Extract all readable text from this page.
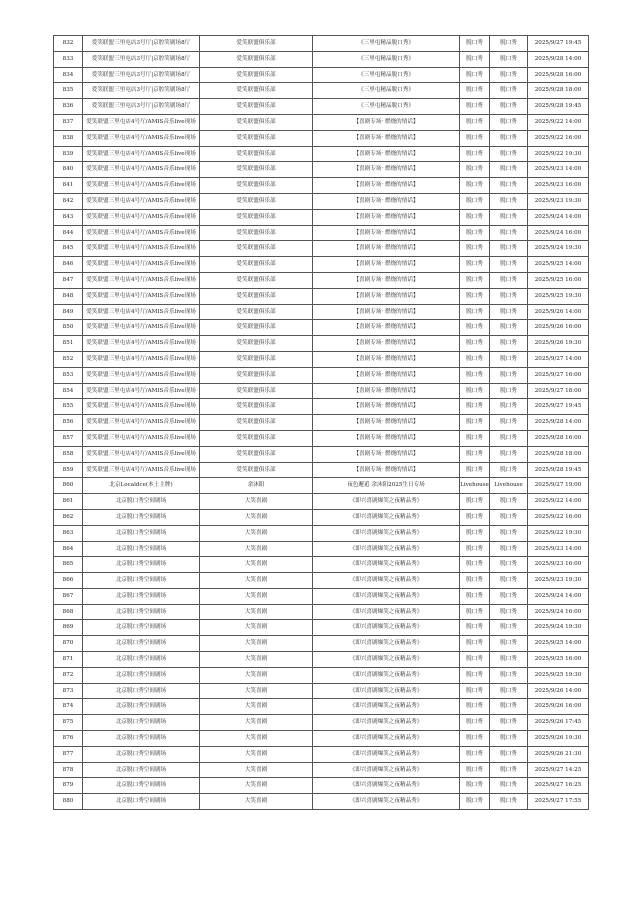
832	爱笑联盟三里屯店3号厅|京腔笑剧场8厅	爱笑联盟俱乐部	《三里屯精品脱口秀》	脱口秀	脱口秀	2025/9/27 19:45
833	爱笑联盟三里屯店3号厅|京腔笑剧场8厅	爱笑联盟俱乐部	《三里屯精品脱口秀》	脱口秀	脱口秀	2025/9/28 14:00
834	爱笑联盟三里屯店3号厅|京腔笑剧场8厅	爱笑联盟俱乐部	《三里屯精品脱口秀》	脱口秀	脱口秀	2025/9/28 16:00
835	爱笑联盟三里屯店3号厅|京腔笑剧场8厅	爱笑联盟俱乐部	《三里屯精品脱口秀》	脱口秀	脱口秀	2025/9/28 18:00
836	爱笑联盟三里屯店3号厅|京腔笑剧场8厅	爱笑联盟俱乐部	《三里屯精品脱口秀》	脱口秀	脱口秀	2025/9/28 19:45
837	爱笑联盟三里屯店4号厅/AMIS音乐live现场	爱笑联盟俱乐部	【喜剧专场· 燃烧的情话】	脱口秀	脱口秀	2025/9/22 14:00
838	爱笑联盟三里屯店4号厅/AMIS音乐live现场	爱笑联盟俱乐部	【喜剧专场· 燃烧的情话】	脱口秀	脱口秀	2025/9/22 16:00
839	爱笑联盟三里屯店4号厅/AMIS音乐live现场	爱笑联盟俱乐部	【喜剧专场· 燃烧的情话】	脱口秀	脱口秀	2025/9/22 19:30
840	爱笑联盟三里屯店4号厅/AMIS音乐live现场	爱笑联盟俱乐部	【喜剧专场· 燃烧的情话】	脱口秀	脱口秀	2025/9/23 14:00
841	爱笑联盟三里屯店4号厅/AMIS音乐live现场	爱笑联盟俱乐部	【喜剧专场· 燃烧的情话】	脱口秀	脱口秀	2025/9/23 16:00
842	爱笑联盟三里屯店4号厅/AMIS音乐live现场	爱笑联盟俱乐部	【喜剧专场· 燃烧的情话】	脱口秀	脱口秀	2025/9/23 19:30
843	爱笑联盟三里屯店4号厅/AMIS音乐live现场	爱笑联盟俱乐部	【喜剧专场· 燃烧的情话】	脱口秀	脱口秀	2025/9/24 14:00
844	爱笑联盟三里屯店4号厅/AMIS音乐live现场	爱笑联盟俱乐部	【喜剧专场· 燃烧的情话】	脱口秀	脱口秀	2025/9/24 16:00
845	爱笑联盟三里屯店4号厅/AMIS音乐live现场	爱笑联盟俱乐部	【喜剧专场· 燃烧的情话】	脱口秀	脱口秀	2025/9/24 19:30
846	爱笑联盟三里屯店4号厅/AMIS音乐live现场	爱笑联盟俱乐部	【喜剧专场· 燃烧的情话】	脱口秀	脱口秀	2025/9/25 14:00
847	爱笑联盟三里屯店4号厅/AMIS音乐live现场	爱笑联盟俱乐部	【喜剧专场· 燃烧的情话】	脱口秀	脱口秀	2025/9/25 16:00
848	爱笑联盟三里屯店4号厅/AMIS音乐live现场	爱笑联盟俱乐部	【喜剧专场· 燃烧的情话】	脱口秀	脱口秀	2025/9/25 19:30
849	爱笑联盟三里屯店4号厅/AMIS音乐live现场	爱笑联盟俱乐部	【喜剧专场· 燃烧的情话】	脱口秀	脱口秀	2025/9/26 14:00
850	爱笑联盟三里屯店4号厅/AMIS音乐live现场	爱笑联盟俱乐部	【喜剧专场· 燃烧的情话】	脱口秀	脱口秀	2025/9/26 16:00
851	爱笑联盟三里屯店4号厅/AMIS音乐live现场	爱笑联盟俱乐部	【喜剧专场· 燃烧的情话】	脱口秀	脱口秀	2025/9/26 19:30
852	爱笑联盟三里屯店4号厅/AMIS音乐live现场	爱笑联盟俱乐部	【喜剧专场· 燃烧的情话】	脱口秀	脱口秀	2025/9/27 14:00
853	爱笑联盟三里屯店4号厅/AMIS音乐live现场	爱笑联盟俱乐部	【喜剧专场· 燃烧的情话】	脱口秀	脱口秀	2025/9/27 16:00
854	爱笑联盟三里屯店4号厅/AMIS音乐live现场	爱笑联盟俱乐部	【喜剧专场· 燃烧的情话】	脱口秀	脱口秀	2025/9/27 18:00
855	爱笑联盟三里屯店4号厅/AMIS音乐live现场	爱笑联盟俱乐部	【喜剧专场· 燃烧的情话】	脱口秀	脱口秀	2025/9/27 19:45
856	爱笑联盟三里屯店4号厅/AMIS音乐live现场	爱笑联盟俱乐部	【喜剧专场· 燃烧的情话】	脱口秀	脱口秀	2025/9/28 14:00
857	爱笑联盟三里屯店4号厅/AMIS音乐live现场	爱笑联盟俱乐部	【喜剧专场· 燃烧的情话】	脱口秀	脱口秀	2025/9/28 16:00
858	爱笑联盟三里屯店4号厅/AMIS音乐live现场	爱笑联盟俱乐部	【喜剧专场· 燃烧的情话】	脱口秀	脱口秀	2025/9/28 18:00
859	爱笑联盟三里屯店4号厅/AMIS音乐live现场	爱笑联盟俱乐部	【喜剧专场· 燃烧的情话】	脱口秀	脱口秀	2025/9/28 19:45
860	北京Localdce(本土主牌)	余沐阳	夜色邂逅 余沐阳2025生日专场	Livehouse	Livehouse	2025/9/27 19:00
861	北京脱口秀空间剧场	大笑喜剧	《即兴喜剧爆笑之夜精品秀》	脱口秀	脱口秀	2025/9/22 14:00
862	北京脱口秀空间剧场	大笑喜剧	《即兴喜剧爆笑之夜精品秀》	脱口秀	脱口秀	2025/9/22 16:00
863	北京脱口秀空间剧场	大笑喜剧	《即兴喜剧爆笑之夜精品秀》	脱口秀	脱口秀	2025/9/22 19:30
864	北京脱口秀空间剧场	大笑喜剧	《即兴喜剧爆笑之夜精品秀》	脱口秀	脱口秀	2025/9/23 14:00
865	北京脱口秀空间剧场	大笑喜剧	《即兴喜剧爆笑之夜精品秀》	脱口秀	脱口秀	2025/9/23 16:00
866	北京脱口秀空间剧场	大笑喜剧	《即兴喜剧爆笑之夜精品秀》	脱口秀	脱口秀	2025/9/23 19:30
867	北京脱口秀空间剧场	大笑喜剧	《即兴喜剧爆笑之夜精品秀》	脱口秀	脱口秀	2025/9/24 14:00
868	北京脱口秀空间剧场	大笑喜剧	《即兴喜剧爆笑之夜精品秀》	脱口秀	脱口秀	2025/9/24 16:00
869	北京脱口秀空间剧场	大笑喜剧	《即兴喜剧爆笑之夜精品秀》	脱口秀	脱口秀	2025/9/24 19:30
870	北京脱口秀空间剧场	大笑喜剧	《即兴喜剧爆笑之夜精品秀》	脱口秀	脱口秀	2025/9/25 14:00
871	北京脱口秀空间剧场	大笑喜剧	《即兴喜剧爆笑之夜精品秀》	脱口秀	脱口秀	2025/9/25 16:00
872	北京脱口秀空间剧场	大笑喜剧	《即兴喜剧爆笑之夜精品秀》	脱口秀	脱口秀	2025/9/25 19:30
873	北京脱口秀空间剧场	大笑喜剧	《即兴喜剧爆笑之夜精品秀》	脱口秀	脱口秀	2025/9/26 14:00
874	北京脱口秀空间剧场	大笑喜剧	《即兴喜剧爆笑之夜精品秀》	脱口秀	脱口秀	2025/9/26 16:00
875	北京脱口秀空间剧场	大笑喜剧	《即兴喜剧爆笑之夜精品秀》	脱口秀	脱口秀	2025/9/26 17:45
876	北京脱口秀空间剧场	大笑喜剧	《即兴喜剧爆笑之夜精品秀》	脱口秀	脱口秀	2025/9/26 19:30
877	北京脱口秀空间剧场	大笑喜剧	《即兴喜剧爆笑之夜精品秀》	脱口秀	脱口秀	2025/9/26 21:30
878	北京脱口秀空间剧场	大笑喜剧	《即兴喜剧爆笑之夜精品秀》	脱口秀	脱口秀	2025/9/27 14:25
879	北京脱口秀空间剧场	大笑喜剧	《即兴喜剧爆笑之夜精品秀》	脱口秀	脱口秀	2025/9/27 16:25
880	北京脱口秀空间剧场	大笑喜剧	《即兴喜剧爆笑之夜精品秀》	脱口秀	脱口秀	2025/9/27 17:55
